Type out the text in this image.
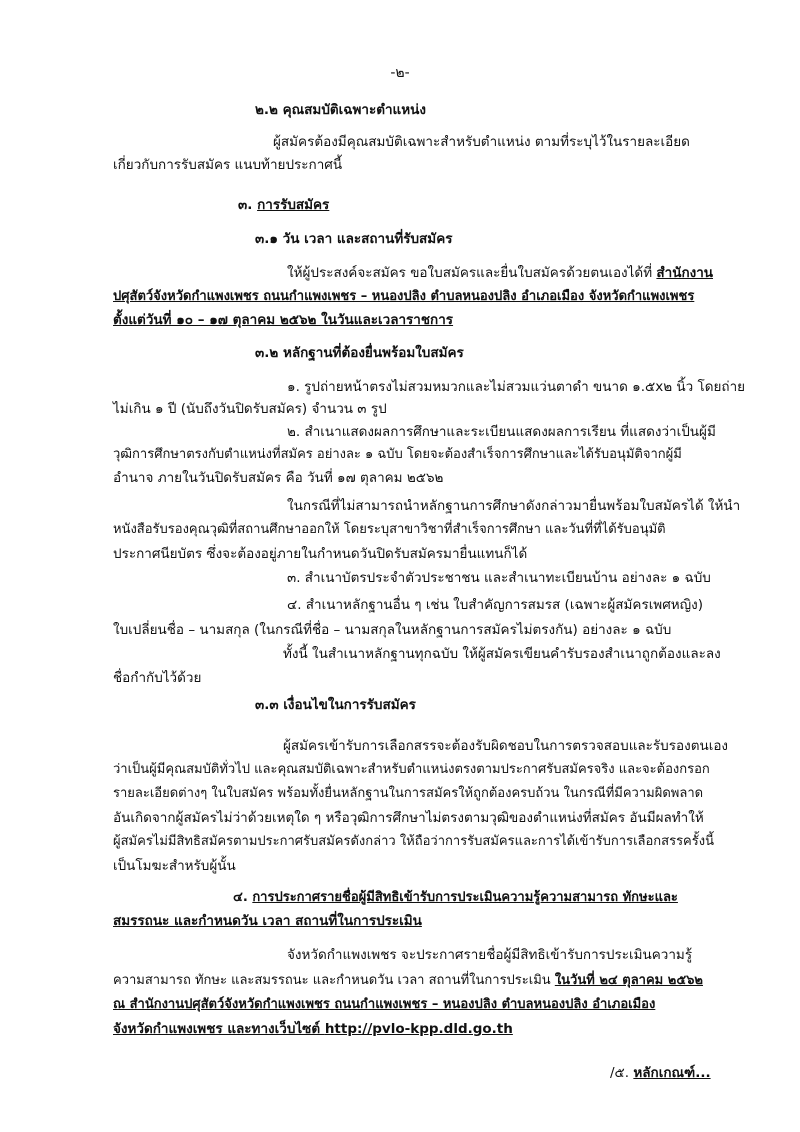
-๒-
๒.๒ คุณสมบัติเฉพาะตำแหน่ง
ผู้สมัครต้องมีคุณสมบัติเฉพาะสำหรับตำแหน่ง ตามที่ระบุไว้ในรายละเอียด
เกี่ยวกับการรับสมัคร แนบท้ายประกาศนี้
๓. การรับสมัคร
๓.๑ วัน เวลา และสถานที่รับสมัคร
ให้ผู้ประสงค์จะสมัคร ขอใบสมัครและยื่นใบสมัครด้วยตนเองได้ที่ สำนักงาน
ปศุสัตว์จังหวัดกำแพงเพชร ถนนกำแพงเพชร – หนองปลิง ตำบลหนองปลิง อำเภอเมือง จังหวัดกำแพงเพชร
ตั้งแต่วันที่ ๑๐ – ๑๗ ตุลาคม ๒๕๖๒ ในวันและเวลาราชการ
๓.๒ หลักฐานที่ต้องยื่นพร้อมใบสมัคร
๑. รูปถ่ายหน้าตรงไม่สวมหมวกและไม่สวมแว่นตาดำ ขนาด ๑.๕x๒ นิ้ว โดยถ่าย
ไม่เกิน ๑ ปี (นับถึงวันปิดรับสมัคร) จำนวน ๓ รูป
๒. สำเนาแสดงผลการศึกษาและระเบียนแสดงผลการเรียน ที่แสดงว่าเป็นผู้มี
วุฒิการศึกษาตรงกับตำแหน่งที่สมัคร อย่างละ ๑ ฉบับ โดยจะต้องสำเร็จการศึกษาและได้รับอนุมัติจากผู้มี
อำนาจ ภายในวันปิดรับสมัคร คือ วันที่ ๑๗ ตุลาคม ๒๕๖๒
ในกรณีที่ไม่สามารถนำหลักฐานการศึกษาดังกล่าวมายื่นพร้อมใบสมัครได้ ให้นำ
หนังสือรับรองคุณวุฒิที่สถานศึกษาออกให้ โดยระบุสาขาวิชาที่สำเร็จการศึกษา และวันที่ที่ได้รับอนุมัติ
ประกาศนียบัตร ซึ่งจะต้องอยู่ภายในกำหนดวันปิดรับสมัครมายื่นแทนก็ได้
๓. สำเนาบัตรประจำตัวประชาชน และสำเนาทะเบียนบ้าน อย่างละ ๑ ฉบับ
๔. สำเนาหลักฐานอื่น ๆ เช่น ใบสำคัญการสมรส (เฉพาะผู้สมัครเพศหญิง)
ใบเปลี่ยนชื่อ – นามสกุล (ในกรณีที่ชื่อ – นามสกุลในหลักฐานการสมัครไม่ตรงกัน) อย่างละ ๑ ฉบับ
ทั้งนี้ ในสำเนาหลักฐานทุกฉบับ ให้ผู้สมัครเขียนคำรับรองสำเนาถูกต้องและลง
ชื่อกำกับไว้ด้วย
๓.๓ เงื่อนไขในการรับสมัคร
ผู้สมัครเข้ารับการเลือกสรรจะต้องรับผิดชอบในการตรวจสอบและรับรองตนเอง
ว่าเป็นผู้มีคุณสมบัติทั่วไป และคุณสมบัติเฉพาะสำหรับตำแหน่งตรงตามประกาศรับสมัครจริง และจะต้องกรอก
รายละเอียดต่างๆ ในใบสมัคร พร้อมทั้งยื่นหลักฐานในการสมัครให้ถูกต้องครบถ้วน ในกรณีที่มีความผิดพลาด
อันเกิดจากผู้สมัครไม่ว่าด้วยเหตุใด ๆ หรือวุฒิการศึกษาไม่ตรงตามวุฒิของตำแหน่งที่สมัคร อันมีผลทำให้
ผู้สมัครไม่มีสิทธิสมัครตามประกาศรับสมัครดังกล่าว ให้ถือว่าการรับสมัครและการได้เข้ารับการเลือกสรรครั้งนี้
เป็นโมฆะสำหรับผู้นั้น
๔. การประกาศรายชื่อผู้มีสิทธิเข้ารับการประเมินความรู้ความสามารถ ทักษะและ
สมรรถนะ และกำหนดวัน เวลา สถานที่ในการประเมิน
จังหวัดกำแพงเพชร จะประกาศรายชื่อผู้มีสิทธิเข้ารับการประเมินความรู้
ความสามารถ ทักษะ และสมรรถนะ และกำหนดวัน เวลา สถานที่ในการประเมิน ในวันที่ ๒๔ ตุลาคม ๒๕๖๒
ณ สำนักงานปศุสัตว์จังหวัดกำแพงเพชร ถนนกำแพงเพชร – หนองปลิง ตำบลหนองปลิง อำเภอเมือง
จังหวัดกำแพงเพชร และทางเว็บไซต์ http://pvlo-kpp.dld.go.th
/๕. หลักเกณฑ์...
